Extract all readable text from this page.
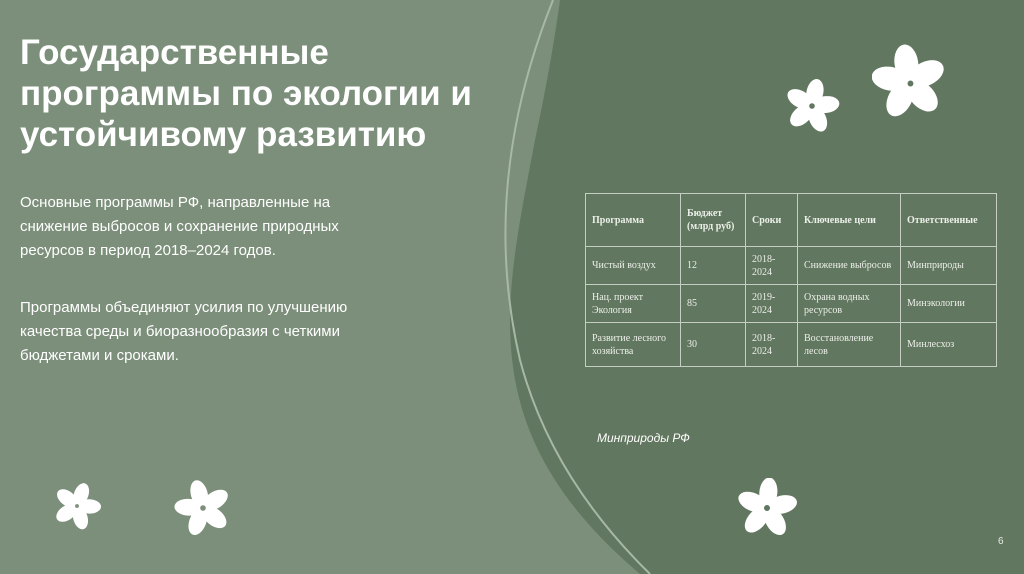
Государственные программы по экологии и устойчивому развитию

Основные программы РФ, направленные на снижение выбросов и сохранение природных ресурсов в период 2018–2024 годов.

Программы объединяют усилия по улучшению качества среды и биоразнообразия с четкими бюджетами и сроками.

Программа	Бюджет (млрд руб)	Сроки	Ключевые цели	Ответственные
Чистый воздух	12	2018-2024	Снижение выбросов	Минприроды
Нац. проект Экология	85	2019-2024	Охрана водных ресурсов	Минэкологии
Развитие лесного хозяйства	30	2018-2024	Восстановление лесов	Минлесхоз
Минприроды РФ
6
